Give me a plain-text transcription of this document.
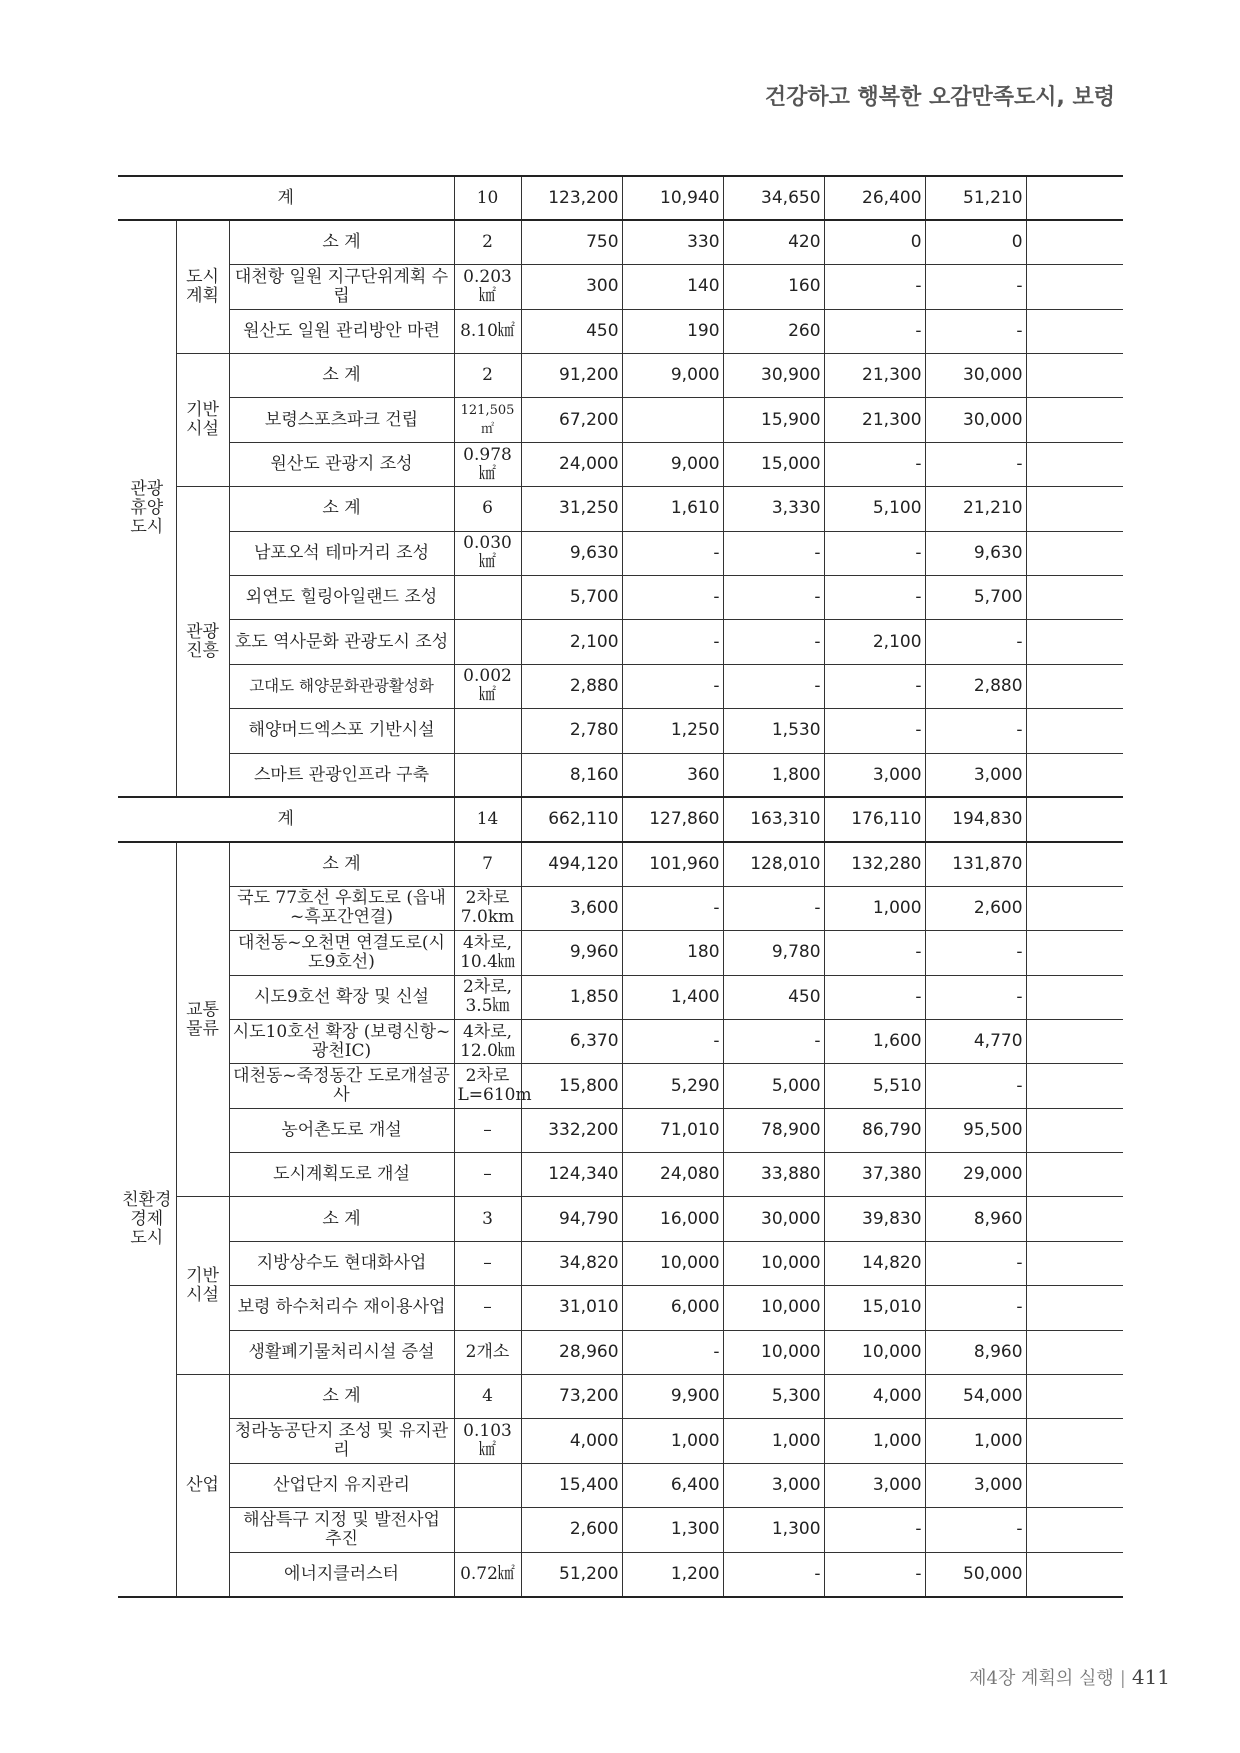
건강하고 행복한 오감만족도시, 보령
계			10	123,200	10,940	34,650	26,400	51,210	
관광 휴양 도시	도시 계획	소 계	2	750	330	420	0	0	
		대천항 일원 지구단위계획 수립	0.203㎢	300	140	160	-	-	
		원산도 일원 관리방안 마련	8.10㎢	450	190	260	-	-	
	기반 시설	소 계	2	91,200	9,000	30,900	21,300	30,000	
		보령스포츠파크 건립	121,505㎡	67,200		15,900	21,300	30,000	
		원산도 관광지 조성	0.978㎢	24,000	9,000	15,000	-	-	
	관광 진흥	소 계	6	31,250	1,610	3,330	5,100	21,210	
		남포오석 테마거리 조성	0.030㎢	9,630	-	-	-	9,630	
		외연도 힐링아일랜드 조성		5,700	-	-	-	5,700	
		호도 역사문화 관광도시 조성		2,100	-	-	2,100	-	
		고대도 해양문화관광활성화	0.002㎢	2,880	-	-	-	2,880	
		해양머드엑스포 기반시설		2,780	1,250	1,530	-	-	
		스마트 관광인프라 구축		8,160	360	1,800	3,000	3,000	
계			14	662,110	127,860	163,310	176,110	194,830	
친환경 경제 도시	교통 물류	소 계	7	494,120	101,960	128,010	132,280	131,870	
		국도 77호선 우회도로 (읍내~흑포간연결)	2차로 7.0km	3,600	-	-	1,000	2,600	
		대천동~오천면 연결도로(시도9호선)	4차로, 10.4㎞	9,960	180	9,780	-	-	
		시도9호선 확장 및 신설	2차로, 3.5㎞	1,850	1,400	450	-	-	
		시도10호선 확장 (보령신항~광천IC)	4차로, 12.0㎞	6,370	-	-	1,600	4,770	
		대천동~죽정동간 도로개설공사	2차로 L=610m	15,800	5,290	5,000	5,510	-	
		농어촌도로 개설	–	332,200	71,010	78,900	86,790	95,500	
		도시계획도로 개설	–	124,340	24,080	33,880	37,380	29,000	
	기반 시설	소 계	3	94,790	16,000	30,000	39,830	8,960	
		지방상수도 현대화사업	–	34,820	10,000	10,000	14,820	-	
		보령 하수처리수 재이용사업	–	31,010	6,000	10,000	15,010	-	
		생활폐기물처리시설 증설	2개소	28,960	-	10,000	10,000	8,960	
	산업	소 계	4	73,200	9,900	5,300	4,000	54,000	
		청라농공단지 조성 및 유지관리	0.103㎢	4,000	1,000	1,000	1,000	1,000	
		산업단지 유지관리		15,400	6,400	3,000	3,000	3,000	
		해삼특구 지정 및 발전사업 추진		2,600	1,300	1,300	-	-	
		에너지클러스터	0.72㎢	51,200	1,200	-	-	50,000	
제4장 계획의 실행 | 411
